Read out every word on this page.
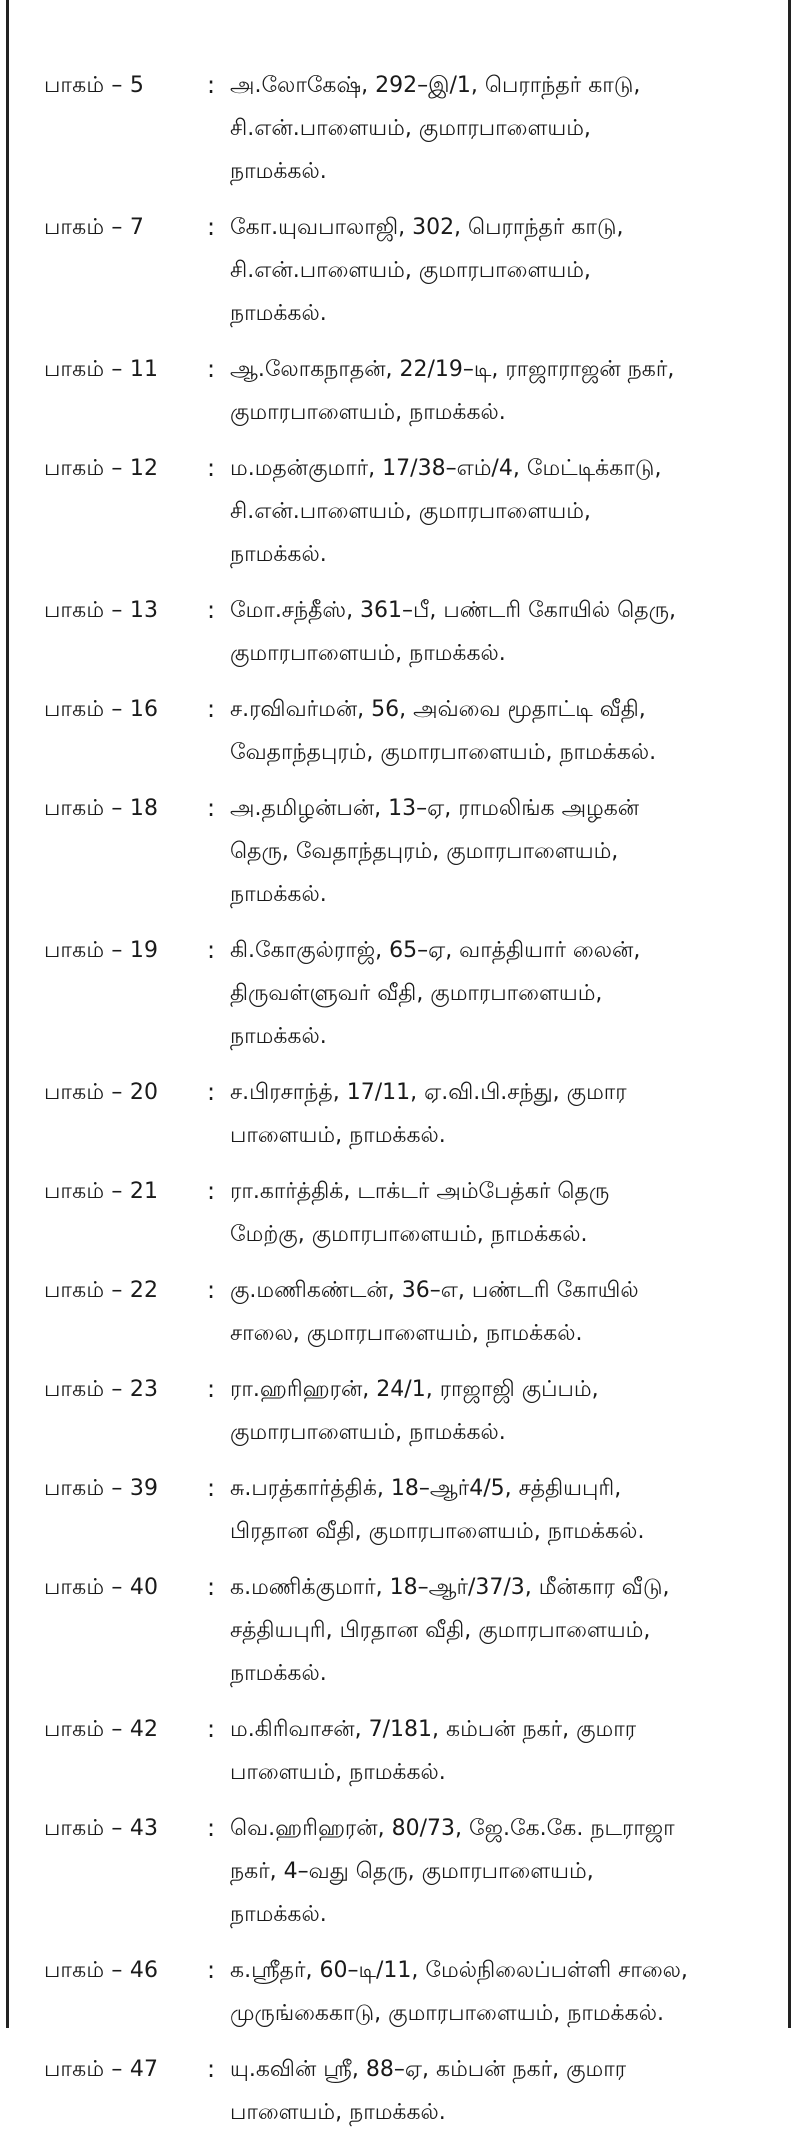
பாகம் – 5	: அ.லோகேஷ், 292–இ/1, பெராந்தர் காடு,
சி.என்.பாளையம், குமாரபாளையம்,
நாமக்கல்.
பாகம் – 7	: கோ.யுவபாலாஜி, 302, பெராந்தர் காடு,
சி.என்.பாளையம், குமாரபாளையம்,
நாமக்கல்.
பாகம் – 11	: ஆ.லோகநாதன், 22/19–டி, ராஜாராஜன் நகர்,
குமாரபாளையம், நாமக்கல்.
பாகம் – 12	: ம.மதன்குமார், 17/38–எம்/4, மேட்டிக்காடு,
சி.என்.பாளையம், குமாரபாளையம்,
நாமக்கல்.
பாகம் – 13	: மோ.சந்தீஸ், 361–பீ, பண்டரி கோயில் தெரு,
குமாரபாளையம், நாமக்கல்.
பாகம் – 16	: ச.ரவிவர்மன், 56, அவ்வை மூதாட்டி வீதி,
வேதாந்தபுரம், குமாரபாளையம், நாமக்கல்.
பாகம் – 18	: அ.தமிழன்பன், 13–ஏ, ராமலிங்க அழகன்
தெரு, வேதாந்தபுரம், குமாரபாளையம்,
நாமக்கல்.
பாகம் – 19	: கி.கோகுல்ராஜ், 65–ஏ, வாத்தியார் லைன்,
திருவள்ளுவர் வீதி, குமாரபாளையம்,
நாமக்கல்.
பாகம் – 20	: ச.பிரசாந்த், 17/11, ஏ.வி.பி.சந்து, குமார
பாளையம், நாமக்கல்.
பாகம் – 21	: ரா.கார்த்திக், டாக்டர் அம்பேத்கர் தெரு
மேற்கு, குமாரபாளையம், நாமக்கல்.
பாகம் – 22	: கு.மணிகண்டன், 36–எ, பண்டரி கோயில்
சாலை, குமாரபாளையம், நாமக்கல்.
பாகம் – 23	: ரா.ஹரிஹரன், 24/1, ராஜாஜி குப்பம்,
குமாரபாளையம், நாமக்கல்.
பாகம் – 39	: சு.பரத்கார்த்திக், 18–ஆர்4/5, சத்தியபுரி,
பிரதான வீதி, குமாரபாளையம், நாமக்கல்.
பாகம் – 40	: க.மணிக்குமார், 18–ஆர்/37/3, மீன்கார வீடு,
சத்தியபுரி, பிரதான வீதி, குமாரபாளையம்,
நாமக்கல்.
பாகம் – 42	: ம.கிரிவாசன், 7/181, கம்பன் நகர், குமார
பாளையம், நாமக்கல்.
பாகம் – 43	: வெ.ஹரிஹரன், 80/73, ஜே.கே.கே. நடராஜா
நகர், 4–வது தெரு, குமாரபாளையம்,
நாமக்கல்.
பாகம் – 46	: க.ஸ்ரீதர், 60–டி/11, மேல்நிலைப்பள்ளி சாலை,
முருங்கைகாடு, குமாரபாளையம், நாமக்கல்.
பாகம் – 47	: யு.கவின் ஸ்ரீ, 88–ஏ, கம்பன் நகர், குமார
பாளையம், நாமக்கல்.
